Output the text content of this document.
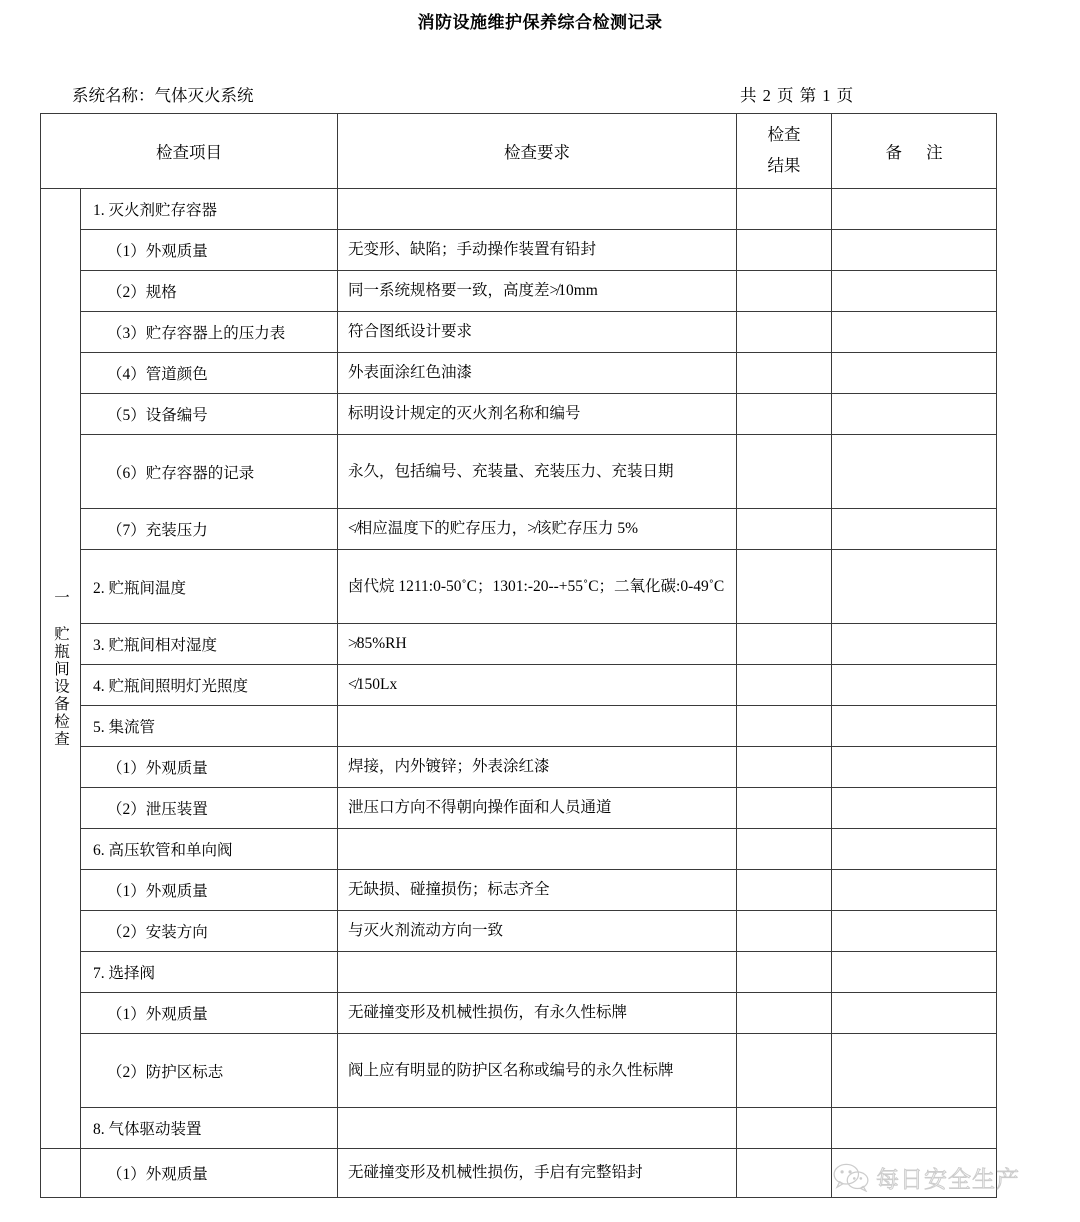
消防设施维护保养综合检测记录
系统名称：气体灭火系统	共 2 页 第 1 页
检查项目		检查要求	检查
结果	备 注

一 贮瓶间设备检查	1. 灭火剂贮存容器			
	（1）外观质量	无变形、缺陷；手动操作装置有铅封		
	（2）规格	同一系统规格要一致，高度差≯10mm		
	（3）贮存容器上的压力表	符合图纸设计要求		
	（4）管道颜色	外表面涂红色油漆		
	（5）设备编号	标明设计规定的灭火剂名称和编号		
	（6）贮存容器的记录	永久，包括编号、充装量、充装压力、充装日期		
	（7）充装压力	≮相应温度下的贮存压力，≯该贮存压力 5%		
	2. 贮瓶间温度	卤代烷 1211:0-50˚C；1301:-20--+55˚C；二氧化碳:0-49˚C		
	3. 贮瓶间相对湿度	≯85%RH		
	4. 贮瓶间照明灯光照度	≮150Lx		
	5. 集流管			
	（1）外观质量	焊接，内外镀锌；外表涂红漆		
	（2）泄压装置	泄压口方向不得朝向操作面和人员通道		
	6. 高压软管和单向阀			
	（1）外观质量	无缺损、碰撞损伤；标志齐全		
	（2）安装方向	与灭火剂流动方向一致		
	7. 选择阀			
	（1）外观质量	无碰撞变形及机械性损伤，有永久性标牌		
	（2）防护区标志	阀上应有明显的防护区名称或编号的永久性标牌		
	8. 气体驱动装置			

	（1）外观质量	无碰撞变形及机械性损伤，手启有完整铅封			每日安全生产
